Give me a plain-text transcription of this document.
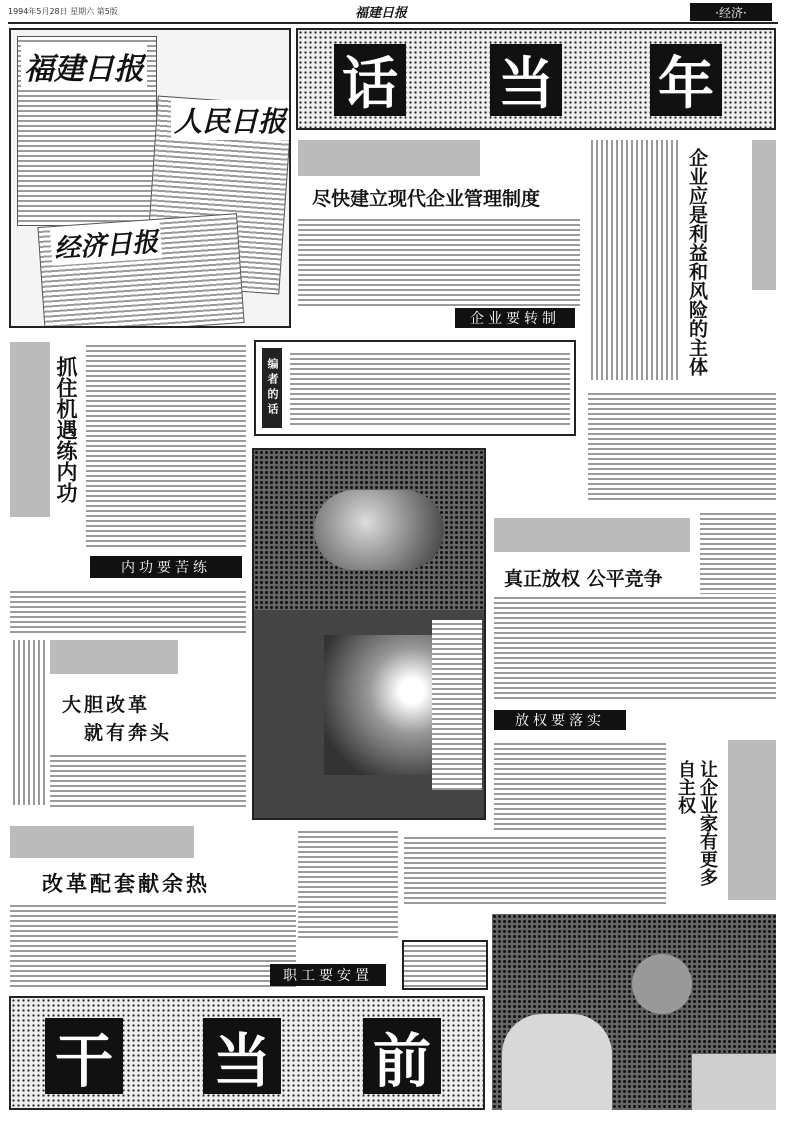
1994年5月28日 星期六 第5版	福建日报	·经济·
福建日报
人民日报
经济日报
话 当 年
尽快建立现代企业管理制度
企业要转制	企业应是利益和风险的主体
抓住机遇练内功
内功要苦练
编者的话
真正放权 公平竞争
放权要落实
大胆改革
就有奔头
让企业家有更多自主权
改革配套献余热
职工要安置
干 当 前
